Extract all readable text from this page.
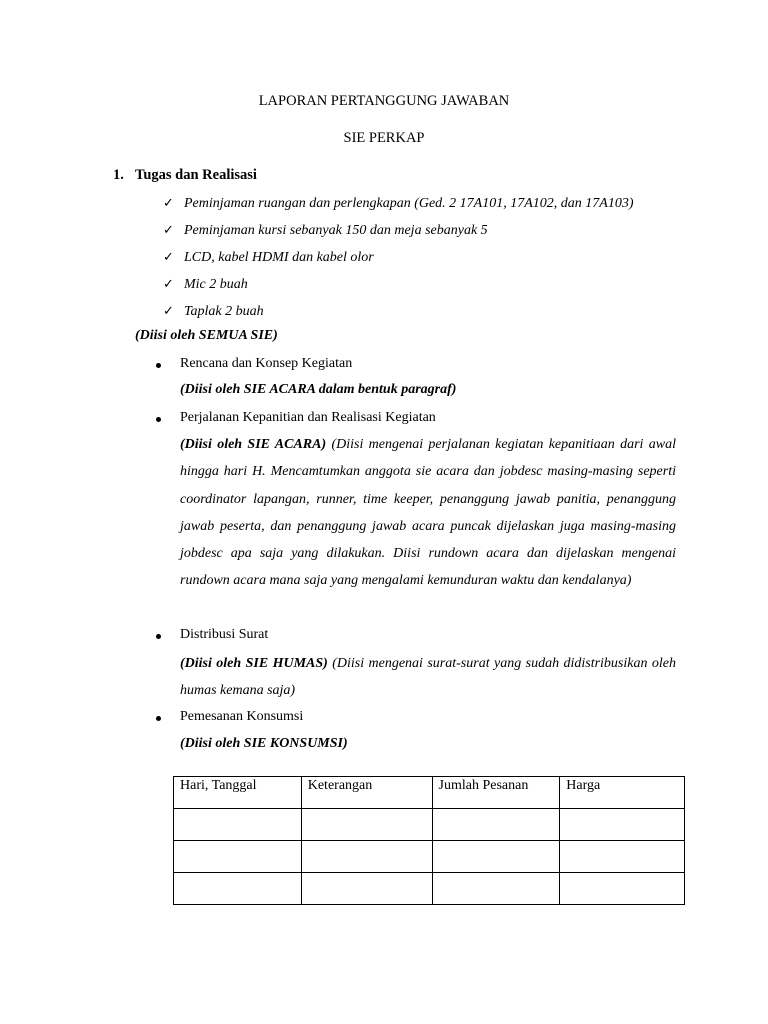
LAPORAN PERTANGGUNG JAWABAN
SIE PERKAP
1. Tugas dan Realisasi
✓ Peminjaman ruangan dan perlengkapan (Ged. 2 17A101, 17A102, dan 17A103)
✓ Peminjaman kursi sebanyak 150 dan meja sebanyak 5
✓ LCD, kabel HDMI dan kabel olor
✓ Mic 2 buah
✓ Taplak 2 buah
(Diisi oleh SEMUA SIE)
Rencana dan Konsep Kegiatan
(Diisi oleh SIE ACARA dalam bentuk paragraf)
Perjalanan Kepanitian dan Realisasi Kegiatan
(Diisi oleh SIE ACARA) (Diisi mengenai perjalanan kegiatan kepanitiaan dari awal hingga hari H. Mencamtumkan anggota sie acara dan jobdesc masing-masing seperti coordinator lapangan, runner, time keeper, penanggung jawab panitia, penanggung jawab peserta, dan penanggung jawab acara puncak dijelaskan juga masing-masing jobdesc apa saja yang dilakukan. Diisi rundown acara dan dijelaskan mengenai rundown acara mana saja yang mengalami kemunduran waktu dan kendalanya)
Distribusi Surat
(Diisi oleh SIE HUMAS) (Diisi mengenai surat-surat yang sudah didistribusikan oleh humas kemana saja)
Pemesanan Konsumsi
(Diisi oleh SIE KONSUMSI)
Hari, Tanggal	Keterangan	Jumlah Pesanan	Harga
